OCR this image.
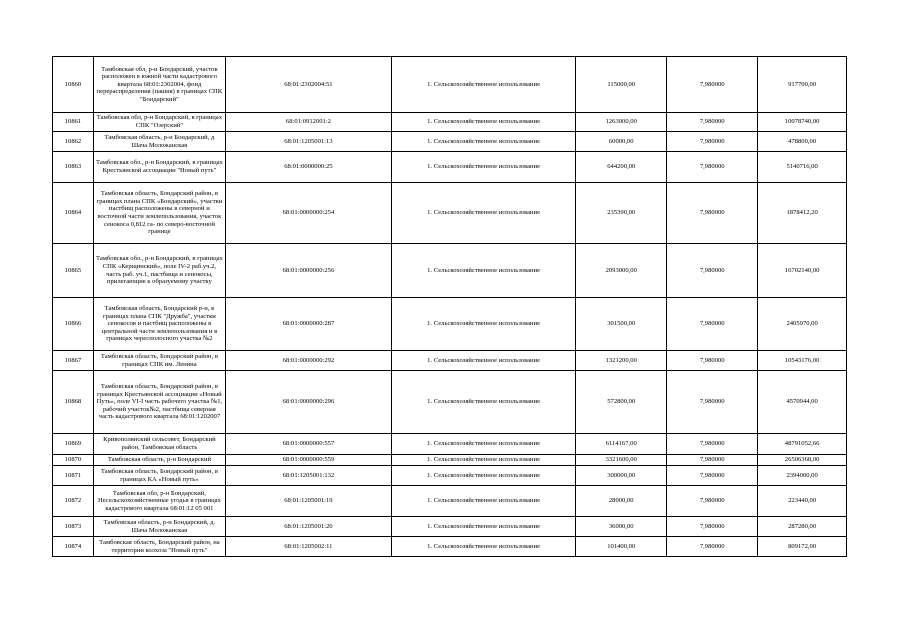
10860	Тамбовская обл, р-н Бондарский, участок расположен в южной части кадастрового квартала 68:01:2302004, фонд перераспределения (пашня) в границах СПК "Бондарский"	68:01:2302004:51	1. Сельскохозяйственное использование	115000,00	7,980000	917700,00
10861	Тамбовская обл, р-н Бондарский, в границах СПК "Озерский"	68:01:0912001:2	1. Сельскохозяйственное использование	1263000,00	7,980000	10078740,00
10862	Тамбовская область, р-н Бондарский, д Шача Моложанская	68:01:1205001:13	1. Сельскохозяйственное использование	60000,00	7,980000	478800,00
10863	Тамбовская обл., р-н Бондарский, в границах Крестьянской ассоциации "Новый путь"	68:01:0000000:25	1. Сельскохозяйственное использование	644200,00	7,980000	5140716,00
10864	Тамбовская область, Бондарский район, в границах плана СПК «Бондарский», участки пастбищ расположены в северной и восточной части землепользования, участок сенокоса 0,812 га- по северо-восточной границе	68:01:0000000:254	1. Сельскохозяйственное использование	235390,00	7,980000	1878412,20
10865	Тамбовская обл., р-н Бондарский, в границах СПК «Керщинский», поле IV-2 раб.уч.2, часть раб. уч.1, пастбища и сенокосы, прилегающие к образуемому участку	68:01:0000000:256	1. Сельскохозяйственное использование	2093000,00	7,980000	16702140,00
10866	Тамбовская область, Бондарский р-н, в границах плана СПК "Дружба", участки сенокосов и пастбищ расположены в центральной части землепользования и в границах чересполосного участка №2	68:01:0000000:287	1. Сельскохозяйственное использование	301500,00	7,980000	2405970,00
10867	Тамбовская область, Бондарский район, в границах СПК им. Ленина	68:01:0000000:292	1. Сельскохозяйственное использование	1321200,00	7,980000	10543176,00
10868	Тамбовская область, Бондарский район, в границах Крестьянской ассоциации «Новый Путь», поле VI-I часть рабочего участка №1, рабочий участок№2, пастбища северная часть кадастрового квартала 68:01:1202007	68:01:0000000:296	1. Сельскохозяйственное использование	572800,00	7,980000	4570944,00
10869	Кривополянский сельсовет, Бондарский район, Тамбовская область	68:01:0000000:557	1. Сельскохозяйственное использование	6114167,00	7,980000	48791052,66
10870	Тамбовская область, р-н Бондарский	68:01:0000000:559	1. Сельскохозяйственное использование	3321600,00	7,980000	26506368,00
10871	Тамбовская область, Бондарский район, в границах КА «Новый путь»	68:01:1205001:132	1. Сельскохозяйственное использование	300000,00	7,980000	2394000,00
10872	Тамбовская обл, р-н Бондарский, Несельскохозяйственные угодья в границах кадастрового квартала 68:01:12 05 001	68:01:1205001:19	1. Сельскохозяйственное использование	28000,00	7,980000	223440,00
10873	Тамбовская область, р-н Бондарский, д. Шача Моложанская	68:01:1205001:20	1. Сельскохозяйственное использование	36000,00	7,980000	287280,00
10874	Тамбовская область, Бондарский район, на территории колхоза "Новый путь"	68:01:1205002:11	1. Сельскохозяйственное использование	101400,00	7,980000	809172,00
